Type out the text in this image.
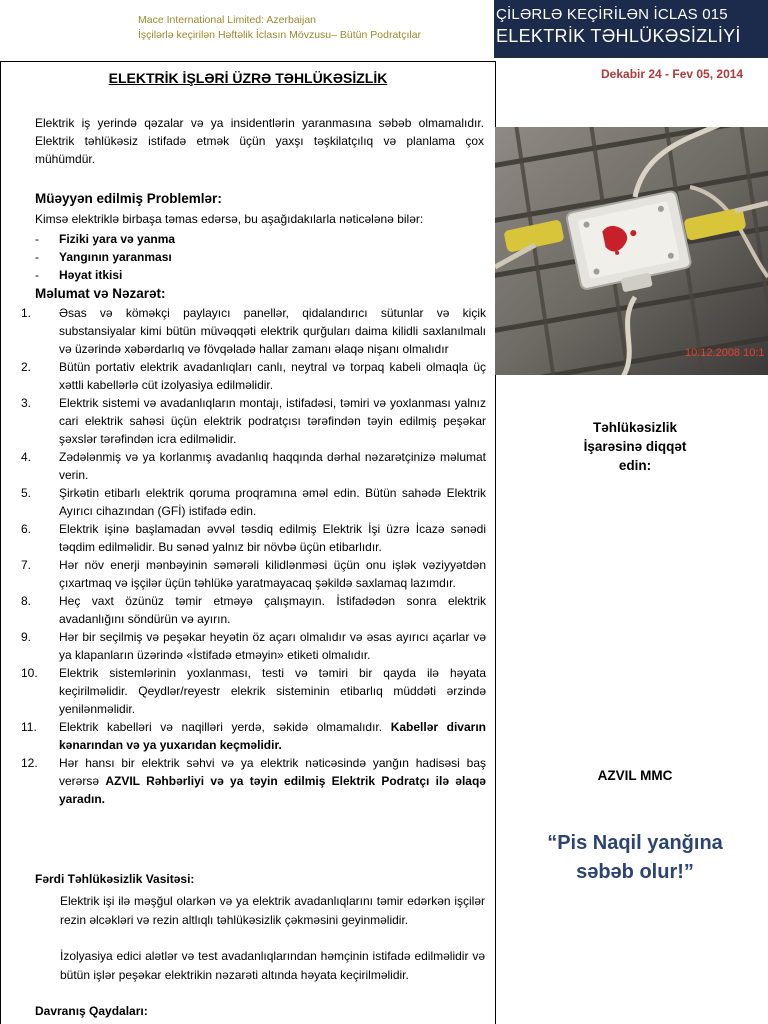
Mace International Limited: Azerbaijan
İşçilərlə keçirilən Həftəlik İclasın Mövzusu– Bütün Podratçılar
ÇİLƏRLƏ KEÇİRİLƏN İCLAS 015
ELEKTRİK TƏHLÜKƏSİZLİYİ
Dekabir 24 - Fev 05, 2014
ELEKTRİK İŞLƏRİ ÜZRƏ TƏHLÜKƏSİZLİK

Elektrik iş yerində qəzalar və ya insidentlərin yaranmasına səbəb olmamalıdır. Elektrik təhlükəsiz istifadə etmək üçün yaxşı təşkilatçılıq və planlama çox mühümdür.

Müəyyən edilmiş Problemlər:
Kimsə elektriklə birbaşa təmas edərsə, bu aşağıdakılarla nəticələnə bilər:
-	Fiziki yara və yanma
-	Yangının yaranması
-	Həyat itkisi
Məlumat və Nəzarət:
1.	Əsas və köməkçi paylayıcı panellər, qidalandırıcı sütunlar və kiçik substansiyalar kimi bütün müvəqqəti elektrik qurğuları daima kilidli saxlanılmalı və üzərində xəbərdarlıq və fövqəladə hallar zamanı əlaqə nişanı olmalıdır
2.	Bütün portativ elektrik avadanlıqları canlı, neytral və torpaq kabeli olmaqla üç xəttli kabellərlə cüt izolyasiya edilməlidir.
3.	Elektrik sistemi və avadanlıqların montajı, istifadəsi, təmiri və yoxlanması yalnız cari elektrik sahəsi üçün elektrik podratçısı tərəfindən təyin edilmiş peşəkar şəxslər tərəfindən icra edilməlidir.
4.	Zədələnmiş və ya korlanmış avadanlıq haqqında dərhal nəzarətçinizə məlumat verin.
5.	Şirkətin etibarlı elektrik qoruma proqramına əməl edin. Bütün sahədə Elektrik Ayırıcı cihazından (GFİ) istifadə edin.
6.	Elektrik işinə başlamadan əvvəl təsdiq edilmiş Elektrik İşi üzrə İcazə sənədi təqdim edilməlidir. Bu sənəd yalnız bir növbə üçün etibarlıdır.
7.	Hər növ enerji mənbəyinin səmərəli kilidlənməsi üçün onu işlək vəziyyətdən çıxartmaq və işçilər üçün təhlükə yaratmayacaq şəkildə saxlamaq lazımdır.
8.	Heç vaxt özünüz təmir etməyə çalışmayın. İstifadədən sonra elektrik avadanlığını söndürün və ayırın.
9.	Hər bir seçilmiş və peşəkar heyətin öz açarı olmalıdır və əsas ayırıcı açarlar və ya klapanların üzərində «İstifadə etməyin» etiketi olmalıdır.
10.	Elektrik sistemlərinin yoxlanması, testi və təmiri bir qayda ilə həyata keçirilməlidir. Qeydlər/reyestr elekrik sisteminin etibarlıq müddəti ərzində yenilənməlidir.
11.	Elektrik kabelləri və naqilləri yerdə, səkidə olmamalıdır. Kabellər divarın kənarından və ya yuxarıdan keçməlidir.
12.	Hər hansı bir elektrik səhvi və ya elektrik nəticəsində yanğın hadisəsi baş verərsə AZVIL Rəhbərliyi və ya təyin edilmiş Elektrik Podratçı ilə əlaqə yaradın.
Fərdi Təhlükəsizlik Vasitəsi:

Elektrik işi ilə məşğul olarkən və ya elektrik avadanlıqlarını təmir edərkən işçilər rezin əlcəkləri və rezin altlıqlı təhlükəsizlik çəkməsini geyinməlidir.

İzolyasiya edici alətlər və test avadanlıqlarından həmçinin istifadə edilməlidir və bütün işlər peşəkar elektrikin nəzarəti altında həyata keçirilməlidir.

Davranış Qaydaları:
10.12.2008 10:1
Təhlükəsizlik
İşarəsinə diqqət
edin:
AZVIL MMC
“Pis Naqil yanğına
səbəb olur!”
